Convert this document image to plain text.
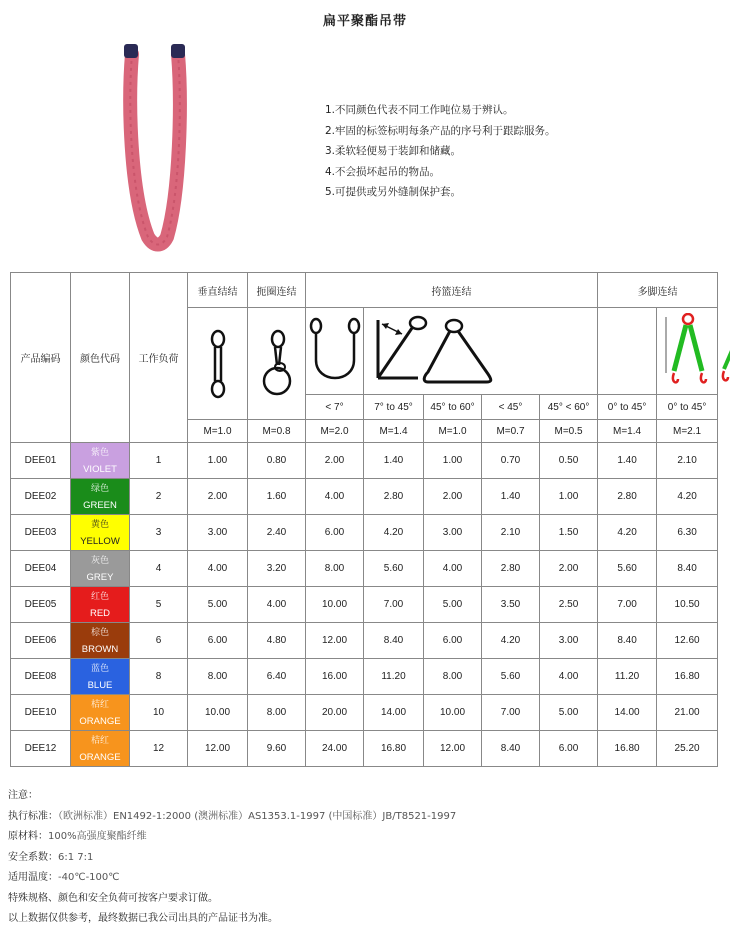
扁平聚酯吊带
1.不同颜色代表不同工作吨位易于辨认。
2.牢固的标签标明每条产品的序号利于跟踪服务。
3.柔软轻便易于装卸和储藏。
4.不会损坏起吊的物品。
5.可提供或另外缝制保护套。
产品编码	颜色代码	工作负荷	垂直结结	扼圈连结	挎篮连结					多脚连结		

					< 7°	7° to 45°	45° to 60°	< 45°	45° < 60°	0° to 45°	0° to 45°	
			M=1.0	M=0.8	M=2.0	M=1.4	M=1.0	M=0.7	M=0.5	M=1.4	M=2.1	
DEE01	紫色
VIOLET	1	1.00	0.80	2.00	1.40	1.00	0.70	0.50	1.40	2.10	
DEE02	绿色
GREEN	2	2.00	1.60	4.00	2.80	2.00	1.40	1.00	2.80	4.20	
DEE03	黄色
YELLOW	3	3.00	2.40	6.00	4.20	3.00	2.10	1.50	4.20	6.30	
DEE04	灰色
GREY	4	4.00	3.20	8.00	5.60	4.00	2.80	2.00	5.60	8.40	
DEE05	红色
RED	5	5.00	4.00	10.00	7.00	5.00	3.50	2.50	7.00	10.50	
DEE06	棕色
BROWN	6	6.00	4.80	12.00	8.40	6.00	4.20	3.00	8.40	12.60	
DEE08	蓝色
BLUE	8	8.00	6.40	16.00	11.20	8.00	5.60	4.00	11.20	16.80	
DEE10	桔红
ORANGE	10	10.00	8.00	20.00	14.00	10.00	7.00	5.00	14.00	21.00	
DEE12	桔红
ORANGE	12	12.00	9.60	24.00	16.80	12.00	8.40	6.00	16.80	25.20	
注意：
执行标准：（欧洲标准）EN1492-1:2000 (澳洲标准）AS1353.1-1997 (中国标准）JB/T8521-1997
原材料：100%高强度聚酯纤维
安全系数：6:1 7:1
适用温度：-40℃-100℃
特殊规格、颜色和安全负荷可按客户要求订做。
以上数据仅供参考，最终数据已我公司出具的产品证书为准。
